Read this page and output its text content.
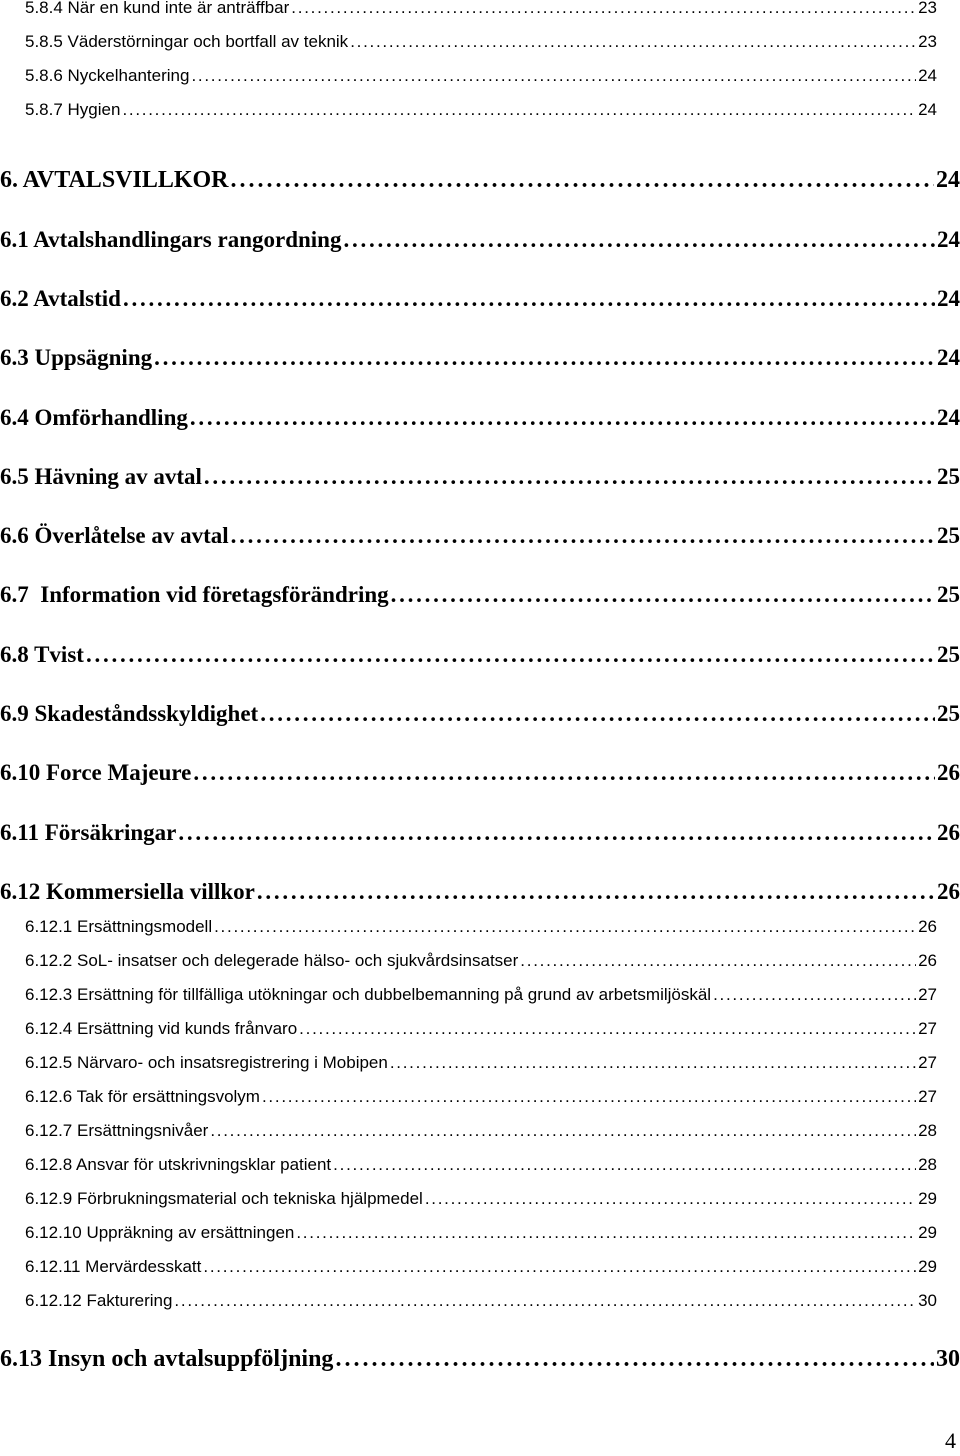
5.8.4 När en kund inte är anträffbar . . .	23
5.8.5 Väderstörningar och bortfall av teknik . . .	23
5.8.6 Nyckelhantering . . .	24
5.8.7 Hygien . . .	24
6. AVTALSVILLKOR . . .	24
6.1 Avtalshandlingars rangordning . . .	24
6.2 Avtalstid . . .	24
6.3 Uppsägning . . .	24
6.4 Omförhandling . . .	24
6.5 Hävning av avtal . . .	25
6.6 Överlåtelse av avtal . . .	25
6.7  Information vid företagsförändring . . .	25
6.8 Tvist . . .	25
6.9 Skadeståndsskyldighet . . .	25
6.10 Force Majeure . . .	26
6.11 Försäkringar . . .	26
6.12 Kommersiella villkor . . .	26
6.12.1 Ersättningsmodell . . .	26
6.12.2 SoL- insatser och delegerade hälso- och sjukvårdsinsatser . . .	26
6.12.3 Ersättning för tillfälliga utökningar och dubbelbemanning på grund av arbetsmiljöskäl . . .	27
6.12.4 Ersättning vid kunds frånvaro . . .	27
6.12.5 Närvaro- och insatsregistrering i Mobipen . . .	27
6.12.6 Tak för ersättningsvolym . . .	27
6.12.7 Ersättningsnivåer . . .	28
6.12.8 Ansvar för utskrivningsklar patient . . .	28
6.12.9 Förbrukningsmaterial och tekniska hjälpmedel . . .	29
6.12.10 Uppräkning av ersättningen . . .	29
6.12.11 Mervärdesskatt . . .	29
6.12.12 Fakturering . . .	30
6.13 Insyn och avtalsuppföljning . . .	30
4
